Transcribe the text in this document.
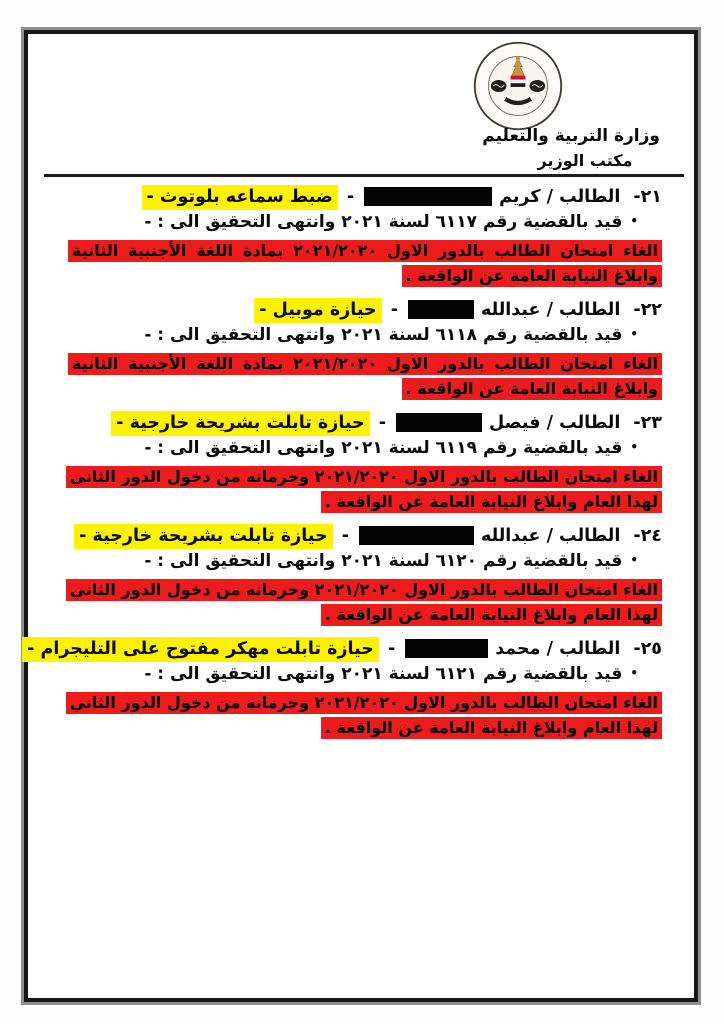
وزارة التربية والتعليم
مكتب الوزير
٢١-الطالب / كريم- ضبط سماعه بلوتوث -
•قيد بالقضية رقم ٦١١٧ لسنة ٢٠٢١ وانتهى التحقيق الى : -
الغاء امتحان الطالب بالدور الاول ٢٠٢١/٢٠٢٠ بمادة اللغة الأجنبية الثانية وابلاغ النيابة العامة عن الواقعة .
٢٢-الطالب / عبدالله- حيازة موبيل -
•قيد بالقضية رقم ٦١١٨ لسنة ٢٠٢١ وانتهى التحقيق الى : -
الغاء امتحان الطالب بالدور الاول ٢٠٢١/٢٠٢٠ بمادة اللغة الأجنبية الثانية وابلاغ النيابة العامة عن الواقعة .
٢٣-الطالب / فيصل- حيازة تابلت بشريحة خارجية -
•قيد بالقضية رقم ٦١١٩ لسنة ٢٠٢١ وانتهى التحقيق الى : -
الغاء امتحان الطالب بالدور الاول ٢٠٢١/٢٠٢٠ وحرمانه من دخول الدور الثاني لهذا العام وابلاغ النيابة العامة عن الواقعة .
٢٤-الطالب / عبدالله- حيازة تابلت بشريحة خارجية -
•قيد بالقضية رقم ٦١٢٠ لسنة ٢٠٢١ وانتهى التحقيق الى : -
الغاء امتحان الطالب بالدور الاول ٢٠٢١/٢٠٢٠ وحرمانه من دخول الدور الثاني لهذا العام وابلاغ النيابة العامة عن الواقعة .
٢٥-الطالب / محمد- حيازة تابلت مهكر مفتوح على التليجرام -
•قيد بالقضية رقم ٦١٢١ لسنة ٢٠٢١ وانتهى التحقيق الى : -
الغاء امتحان الطالب بالدور الاول ٢٠٢١/٢٠٢٠ وحرمانه من دخول الدور الثاني لهذا العام وابلاغ النيابة العامة عن الواقعة .
